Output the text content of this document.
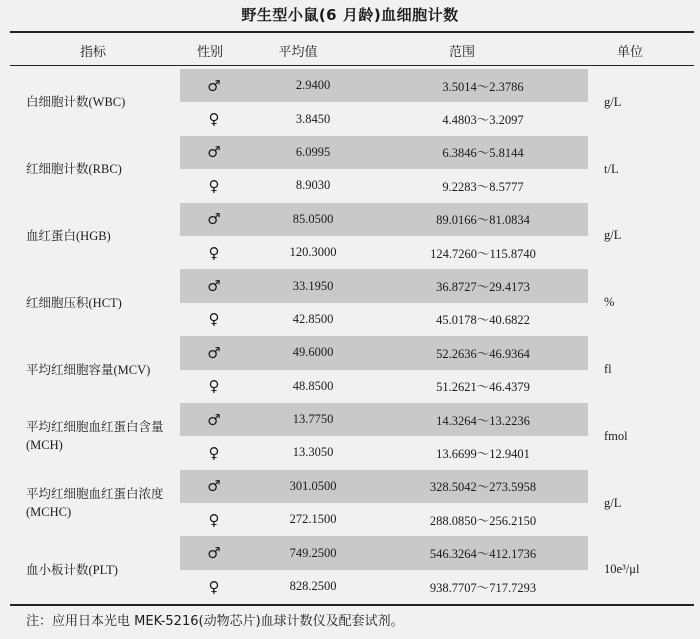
野生型小鼠(6 月龄)血细胞计数
指标	性别	平均值	范围	单位
白细胞计数(WBC)	♂	2.9400	3.5014～2.3786	g/L
	♀	3.8450	4.4803～3.2097	
红细胞计数(RBC)	♂	6.0995	6.3846～5.8144	t/L
	♀	8.9030	9.2283～8.5777	
血红蛋白(HGB)	♂	85.0500	89.0166～81.0834	g/L
	♀	120.3000	124.7260～115.8740	
红细胞压积(HCT)	♂	33.1950	36.8727～29.4173	%
	♀	42.8500	45.0178～40.6822	
平均红细胞容量(MCV)	♂	49.6000	52.2636～46.9364	fl
	♀	48.8500	51.2621～46.4379	
平均红细胞血红蛋白含量(MCH)	♂	13.7750	14.3264～13.2236	fmol
	♀	13.3050	13.6699～12.9401	
平均红细胞血红蛋白浓度(MCHC)	♂	301.0500	328.5042～273.5958	g/L
	♀	272.1500	288.0850～256.2150	
血小板计数(PLT)	♂	749.2500	546.3264～412.1736	10e³/μl
	♀	828.2500	938.7707～717.7293	
注：应用日本光电 MEK-5216(动物芯片)血球计数仪及配套试剂。
